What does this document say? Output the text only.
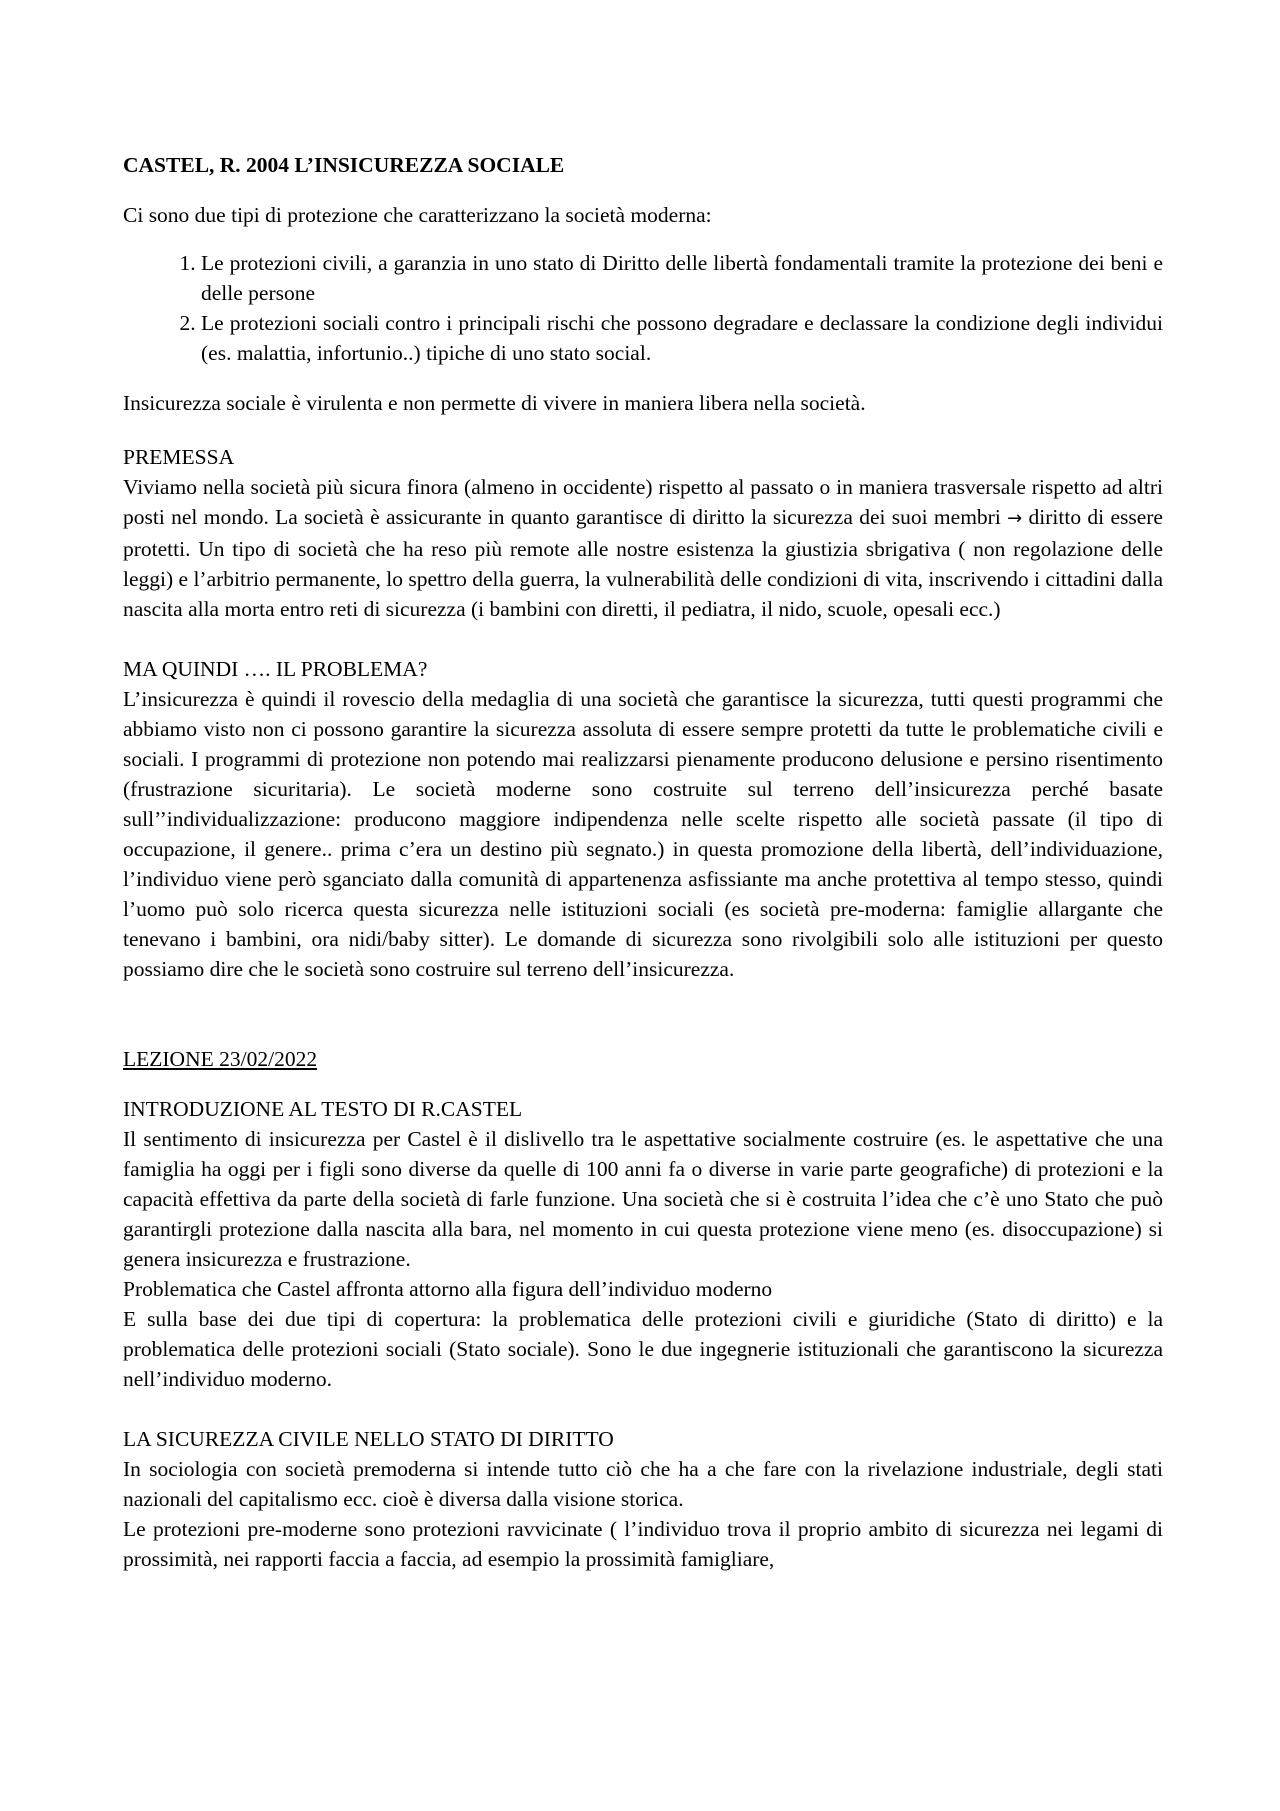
CASTEL, R. 2004 L’INSICUREZZA SOCIALE

Ci sono due tipi di protezione che caratterizzano la società moderna:

1. Le protezioni civili, a garanzia in uno stato di Diritto delle libertà fondamentali tramite la protezione dei beni e delle persone
2. Le protezioni sociali contro i principali rischi che possono degradare e declassare la condizione degli individui (es. malattia, infortunio..) tipiche di uno stato social.

Insicurezza sociale è virulenta e non permette di vivere in maniera libera nella società.

PREMESSA

Viviamo nella società più sicura finora (almeno in occidente) rispetto al passato o in maniera trasversale rispetto ad altri posti nel mondo. La società è assicurante in quanto garantisce di diritto la sicurezza dei suoi membri → diritto di essere protetti. Un tipo di società che ha reso più remote alle nostre esistenza la giustizia sbrigativa ( non regolazione delle leggi) e l’arbitrio permanente, lo spettro della guerra, la vulnerabilità delle condizioni di vita, inscrivendo i cittadini dalla nascita alla morta entro reti di sicurezza (i bambini con diretti, il pediatra, il nido, scuole, opesali ecc.)

MA QUINDI …. IL PROBLEMA?

L’insicurezza è quindi il rovescio della medaglia di una società che garantisce la sicurezza, tutti questi programmi che abbiamo visto non ci possono garantire la sicurezza assoluta di essere sempre protetti da tutte le problematiche civili e sociali. I programmi di protezione non potendo mai realizzarsi pienamente producono delusione e persino risentimento (frustrazione sicuritaria). Le società moderne sono costruite sul terreno dell’insicurezza perché basate sull’’individualizzazione: producono maggiore indipendenza nelle scelte rispetto alle società passate (il tipo di occupazione, il genere.. prima c’era un destino più segnato.) in questa promozione della libertà, dell’individuazione, l’individuo viene però sganciato dalla comunità di appartenenza asfissiante ma anche protettiva al tempo stesso, quindi l’uomo può solo ricerca questa sicurezza nelle istituzioni sociali (es società pre-moderna: famiglie allargante che tenevano i bambini, ora nidi/baby sitter). Le domande di sicurezza sono rivolgibili solo alle istituzioni per questo possiamo dire che le società sono costruire sul terreno dell’insicurezza.

LEZIONE 23/02/2022

INTRODUZIONE AL TESTO DI R.CASTEL

Il sentimento di insicurezza per Castel è il dislivello tra le aspettative socialmente costruire (es. le aspettative che una famiglia ha oggi per i figli sono diverse da quelle di 100 anni fa o diverse in varie parte geografiche) di protezioni e la capacità effettiva da parte della società di farle funzione. Una società che si è costruita l’idea che c’è uno Stato che può garantirgli protezione dalla nascita alla bara, nel momento in cui questa protezione viene meno (es. disoccupazione) si genera insicurezza e frustrazione.

Problematica che Castel affronta attorno alla figura dell’individuo moderno

E sulla base dei due tipi di copertura: la problematica delle protezioni civili e giuridiche (Stato di diritto) e la problematica delle protezioni sociali (Stato sociale). Sono le due ingegnerie istituzionali che garantiscono la sicurezza nell’individuo moderno.

LA SICUREZZA CIVILE NELLO STATO DI DIRITTO

In sociologia con società premoderna si intende tutto ciò che ha a che fare con la rivelazione industriale, degli stati nazionali del capitalismo ecc. cioè è diversa dalla visione storica.

Le protezioni pre-moderne sono protezioni ravvicinate ( l’individuo trova il proprio ambito di sicurezza nei legami di prossimità, nei rapporti faccia a faccia, ad esempio la prossimità famigliare,
